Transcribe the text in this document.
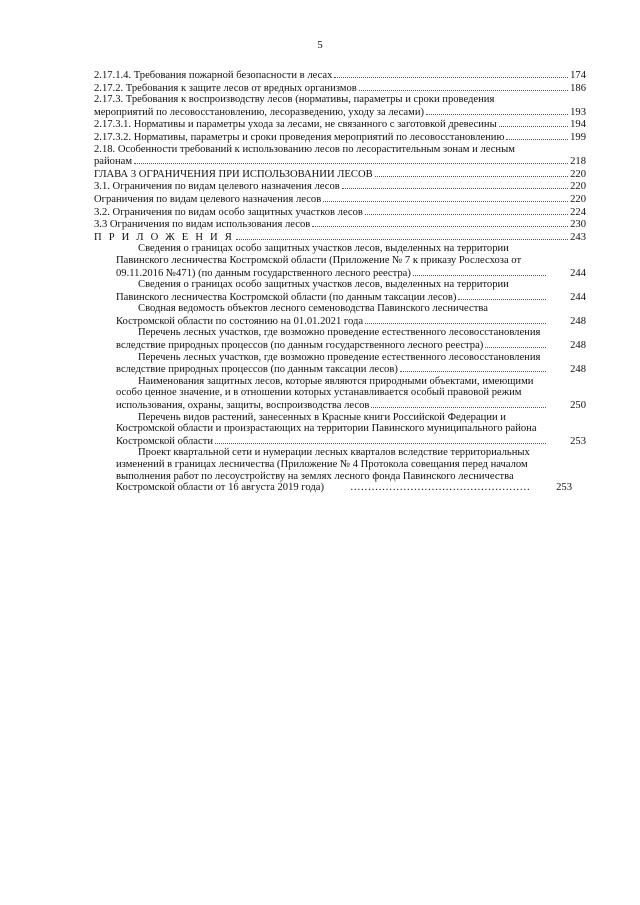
5
2.17.1.4. Требования пожарной безопасности в лесах	174
2.17.2. Требования к защите лесов от вредных организмов	186
2.17.3. Требования к воспроизводству лесов (нормативы, параметры и сроки проведения
мероприятий по лесовосстановлению, лесоразведению, уходу за лесами)	193
2.17.3.1. Нормативы и параметры ухода за лесами, не связанного с заготовкой древесины	194
2.17.3.2. Нормативы, параметры и сроки проведения мероприятий по лесовосстановлению	199
2.18. Особенности требований к использованию лесов по лесорастительным зонам и лесным
районам	218
ГЛАВА 3 ОГРАНИЧЕНИЯ ПРИ ИСПОЛЬЗОВАНИИ ЛЕСОВ	220
3.1. Ограничения по видам целевого назначения лесов	220
Ограничения по видам целевого назначения лесов	220
3.2. Ограничения по видам особо защитных участков лесов	224
3.3 Ограничения по видам использования лесов	230
П Р И Л О Ж Е Н И Я	243
Сведения о границах особо защитных участков лесов, выделенных на территории
Павинского лесничества Костромской области (Приложение № 7 к приказу Рослесхоза от
09.11.2016 №471) (по данным государственного лесного реестра)	244
Сведения о границах особо защитных участков лесов, выделенных на территории
Павинского лесничества Костромской области (по данным таксации лесов)	244
Сводная ведомость объектов лесного семеноводства Павинского лесничества
Костромской области по состоянию на 01.01.2021 года	248
Перечень лесных участков, где возможно проведение естественного лесовосстановления
вследствие природных процессов (по данным государственного лесного реестра)	248
Перечень лесных участков, где возможно проведение естественного лесовосстановления
вследствие природных процессов (по данным таксации лесов)	248
Наименования защитных лесов, которые являются природными объектами, имеющими
особо ценное значение, и в отношении которых устанавливается особый правовой режим
использования, охраны, защиты, воспроизводства лесов	250
Перечень видов растений, занесенных в Красные книги Российской Федерации и
Костромской области и произрастающих на территории Павинского муниципального района
Костромской области	253
Проект квартальной сети и нумерации лесных кварталов вследствие территориальных
изменений в границах лесничества (Приложение № 4 Протокола совещания перед началом
выполнения работ по лесоустройству на землях лесного фонда Павинского лесничества
Костромской области от 16 августа 2019 года)	……………………………………………	253
